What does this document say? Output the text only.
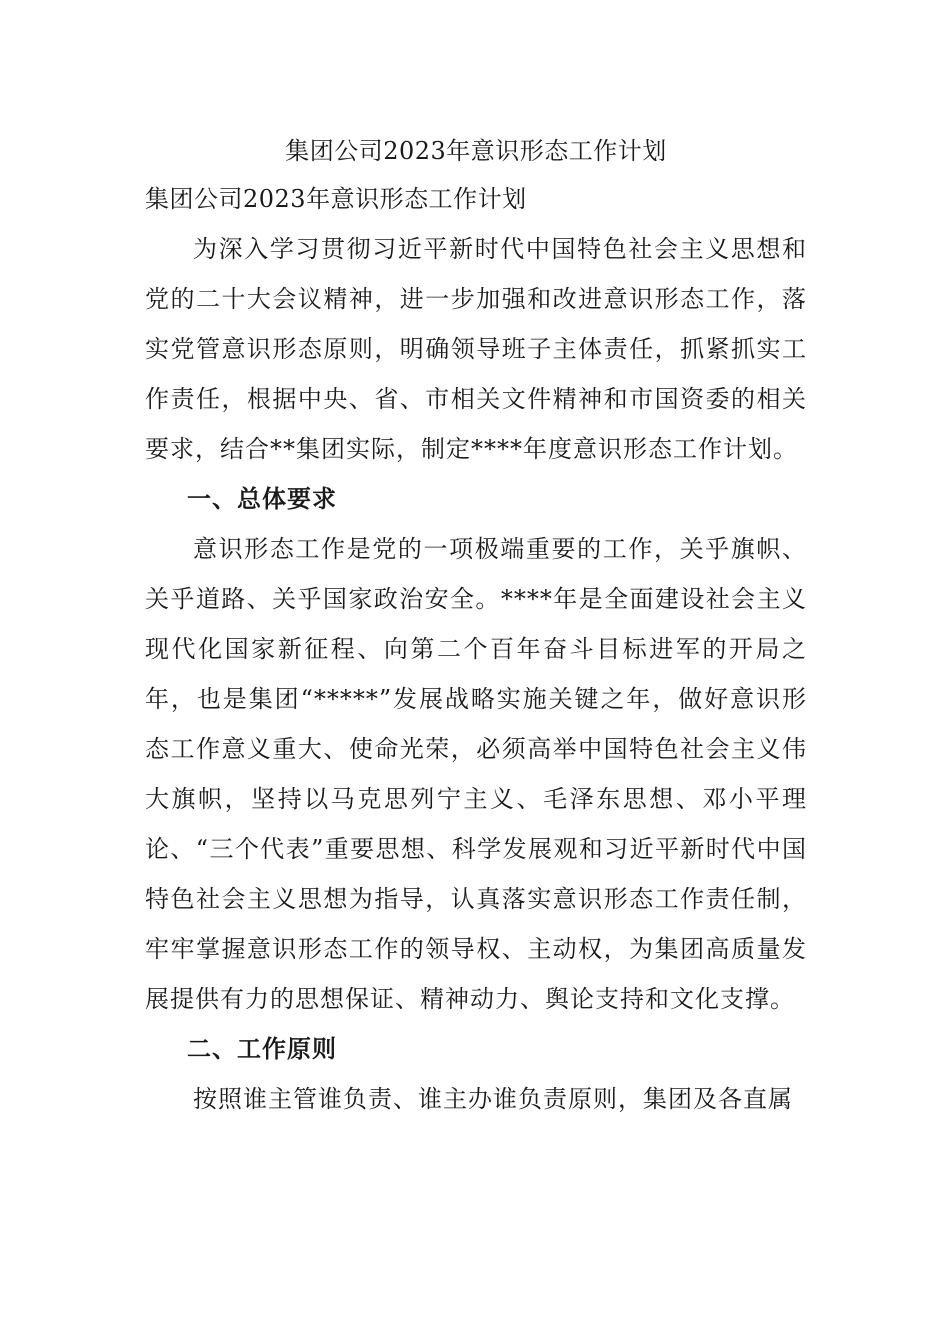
集团公司2023年意识形态工作计划
集团公司2023年意识形态工作计划

为深入学习贯彻习近平新时代中国特色社会主义思想和党的二十大会议精神，进一步加强和改进意识形态工作，落实党管意识形态原则，明确领导班子主体责任，抓紧抓实工作责任，根据中央、省、市相关文件精神和市国资委的相关要求，结合**集团实际，制定****年度意识形态工作计划。

一、总体要求

意识形态工作是党的一项极端重要的工作，关乎旗帜、关乎道路、关乎国家政治安全。****年是全面建设社会主义现代化国家新征程、向第二个百年奋斗目标进军的开局之年，也是集团“*****”发展战略实施关键之年，做好意识形态工作意义重大、使命光荣，必须高举中国特色社会主义伟大旗帜，坚持以马克思列宁主义、毛泽东思想、邓小平理论、“三个代表”重要思想、科学发展观和习近平新时代中国特色社会主义思想为指导，认真落实意识形态工作责任制，牢牢掌握意识形态工作的领导权、主动权，为集团高质量发展提供有力的思想保证、精神动力、舆论支持和文化支撑。

二、工作原则

按照谁主管谁负责、谁主办谁负责原则，集团及各直属
